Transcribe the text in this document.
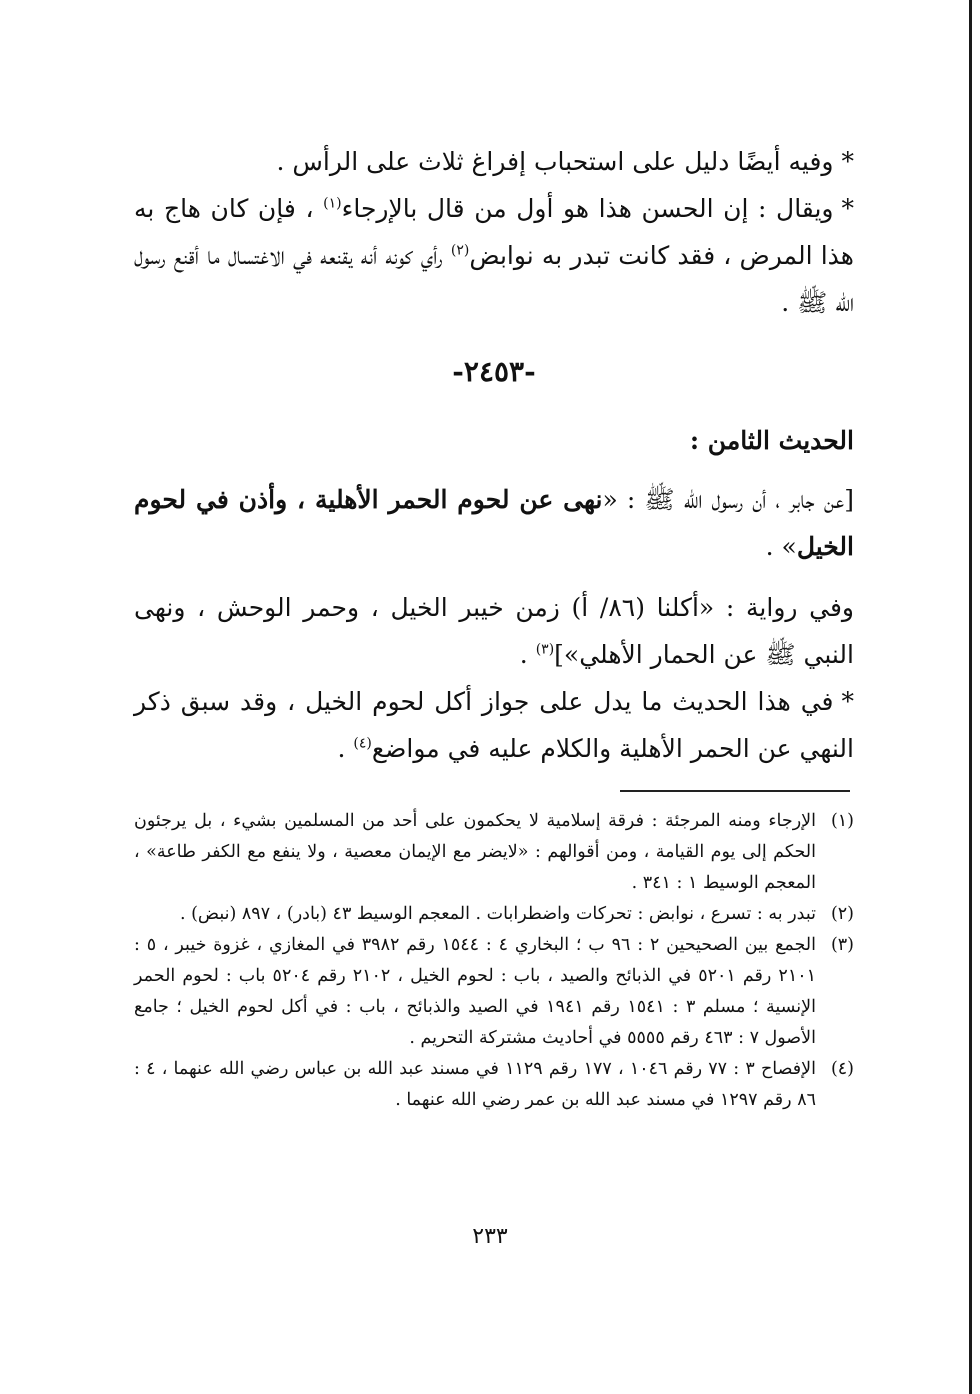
*وفيه أيضًا دليل على استحباب إفراغ ثلاث على الرأس .

*ويقال : إن الحسن هذا هو أول من قال بالإرجاء$^{(١)}$ ، فإن كان هاج به هذا المرض ، فقد كانت تبدر به نوابض$^{(٢)}$ رأي كونه أنه يقنعه في الاغتسال ما أقنع رسول الله ﷺ .

-٢٤٥٣-

الحديث الثامن :

[عن جابر ، أن رسول الله ﷺ : «نهى عن لحوم الحمر الأهلية ، وأذن في لحوم الخيل» .

وفي رواية : «أكلنا (٨٦/ أ) زمن خيبر الخيل ، وحمر الوحش ، ونهى النبي ﷺ عن الحمار الأهلي»]$^{(٣)}$ .

*في هذا الحديث ما يدل على جواز أكل لحوم الخيل ، وقد سبق ذكر النهي عن الحمر الأهلية والكلام عليه في مواضع$^{(٤)}$ .

(١)
الإرجاء ومنه المرجئة : فرقة إسلامية لا يحكمون على أحد من المسلمين بشيء ، بل يرجئون الحكم إلى يوم القيامة ، ومن أقوالهم : «لايضر مع الإيمان معصية ، ولا ينفع مع الكفر طاعة» ، المعجم الوسيط ١ : ٣٤١ .
(٢)
تبدر به : تسرع ، نوابض : تحركات واضطرابات . المعجم الوسيط ٤٣ (بادر) ، ٨٩٧ (نبض) .
(٣)
الجمع بين الصحيحين ٢ : ٩٦ ب ؛ البخاري ٤ : ١٥٤٤ رقم ٣٩٨٢ في المغازي ، غزوة خيبر ، ٥ : ٢١٠١ رقم ٥٢٠١ في الذبائح والصيد ، باب : لحوم الخيل ، ٢١٠٢ رقم ٥٢٠٤ باب : لحوم الحمر الإنسية ؛ مسلم ٣ : ١٥٤١ رقم ١٩٤١ في الصيد والذبائح ، باب : في أكل لحوم الخيل ؛ جامع الأصول ٧ : ٤٦٣ رقم ٥٥٥٥ في أحاديث مشتركة التحريم .
(٤)
الإفصاح ٣ : ٧٧ رقم ١٠٤٦ ، ١٧٧ رقم ١١٢٩ في مسند عبد الله بن عباس رضي الله عنهما ، ٤ : ٨٦ رقم ١٢٩٧ في مسند عبد الله بن عمر رضي الله عنهما .
٢٣٣
